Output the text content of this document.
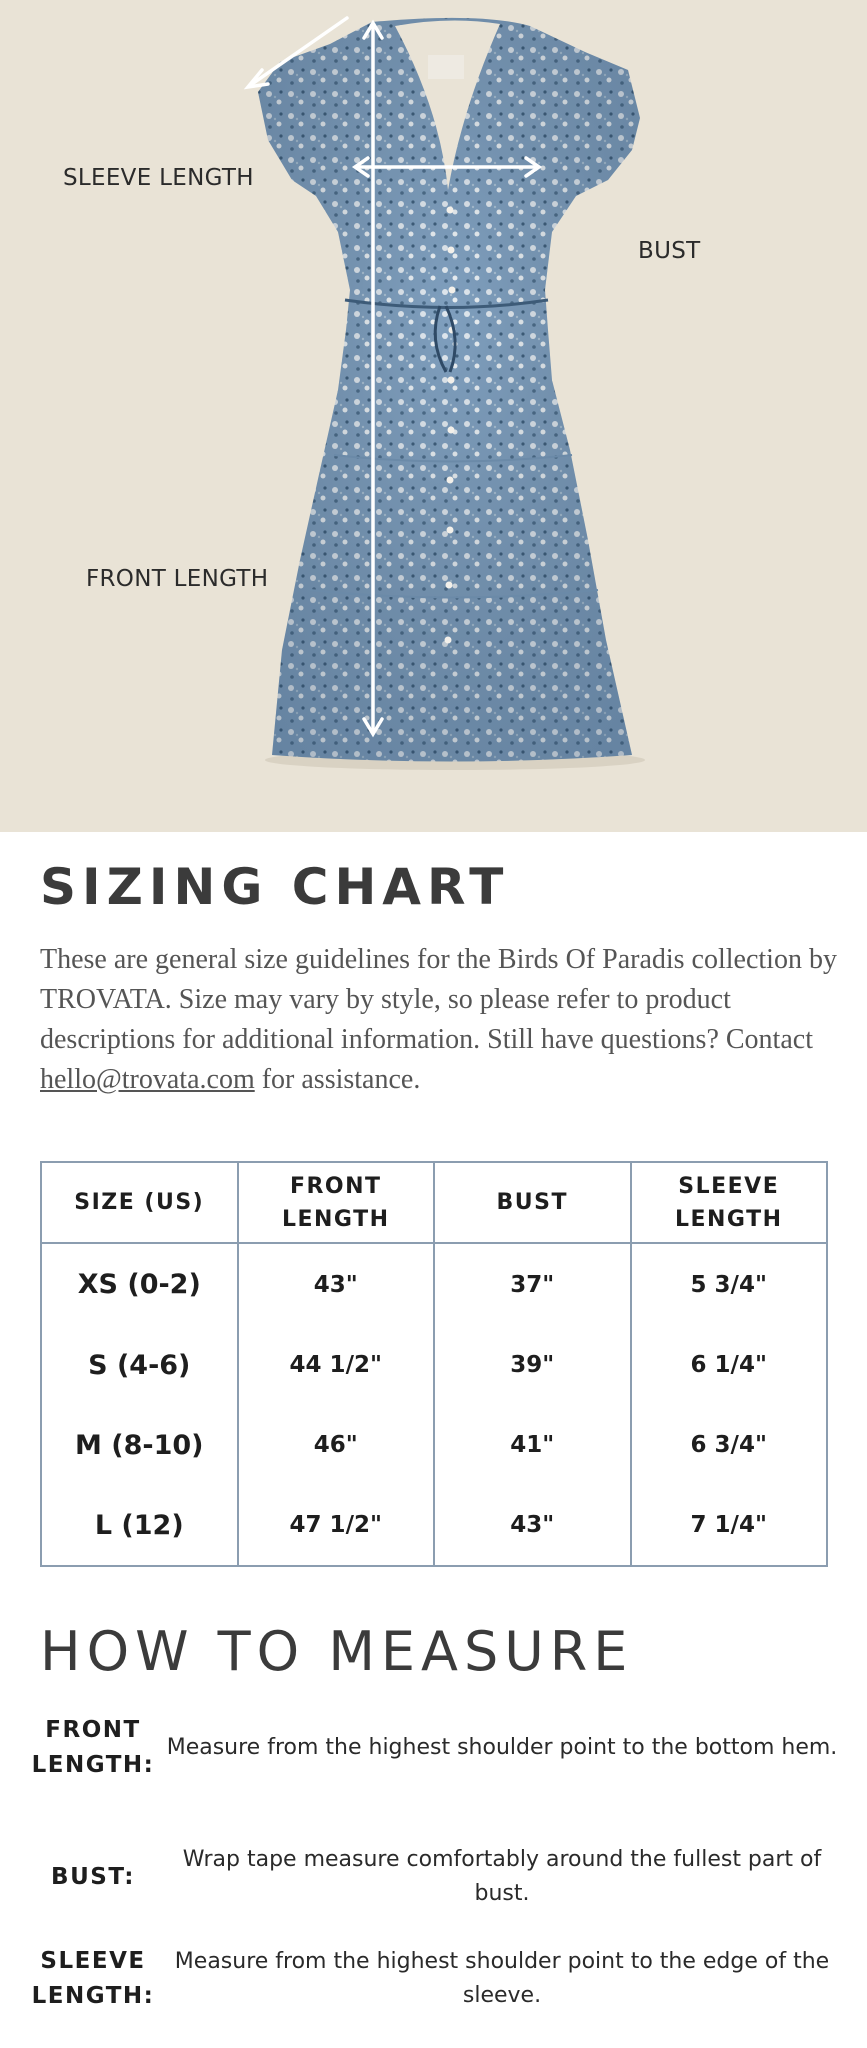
SLEEVE LENGTH
BUST
FRONT LENGTH
SIZING CHART

These are general size guidelines for the Birds Of Paradis collection by TROVATA. Size may vary by style, so please refer to product descriptions for additional information. Still have questions? Contact hello@trovata.com for assistance.

SIZE (US)	FRONT LENGTH	BUST	SLEEVE LENGTH
XS (0-2)	43"	37"	5 3/4"
S (4-6)	44 1/2"	39"	6 1/4"
M (8-10)	46"	41"	6 3/4"
L (12)	47 1/2"	43"	7 1/4"
HOW TO MEASURE
FRONT LENGTH:
Measure from the highest shoulder point to the bottom hem.
BUST:
Wrap tape measure comfortably around the fullest part of bust.
SLEEVE LENGTH:
Measure from the highest shoulder point to the edge of the sleeve.
